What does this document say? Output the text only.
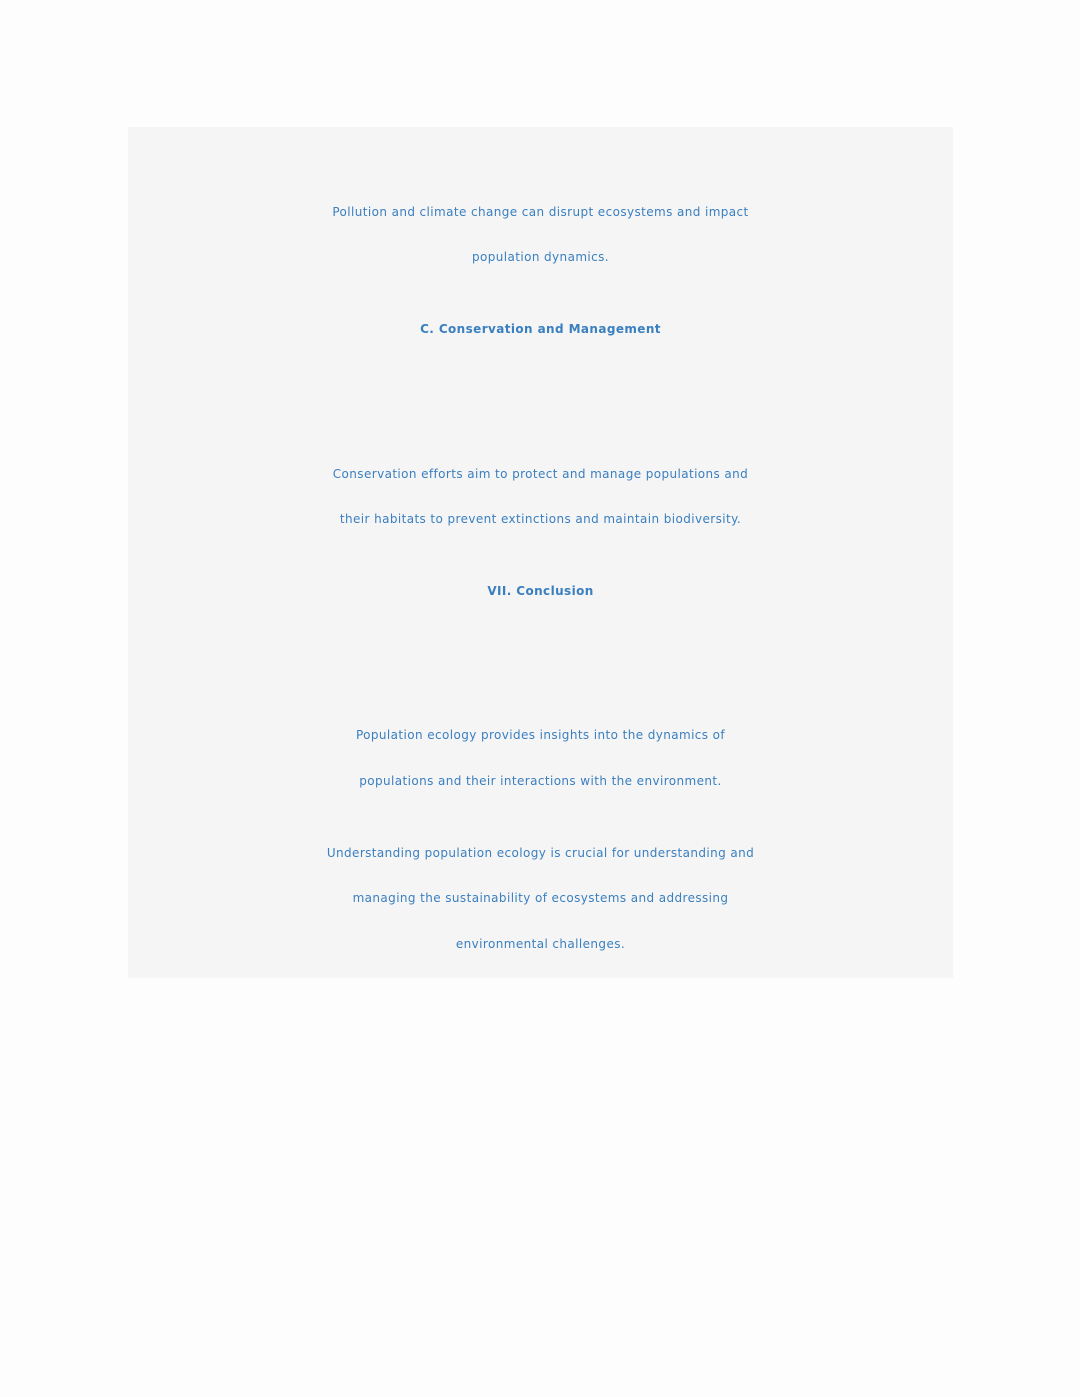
Pollution and climate change can disrupt ecosystems and impact

population dynamics.

C. Conservation and Management

Conservation efforts aim to protect and manage populations and

their habitats to prevent extinctions and maintain biodiversity.

VII. Conclusion

Population ecology provides insights into the dynamics of

populations and their interactions with the environment.

Understanding population ecology is crucial for understanding and

managing the sustainability of ecosystems and addressing

environmental challenges.
